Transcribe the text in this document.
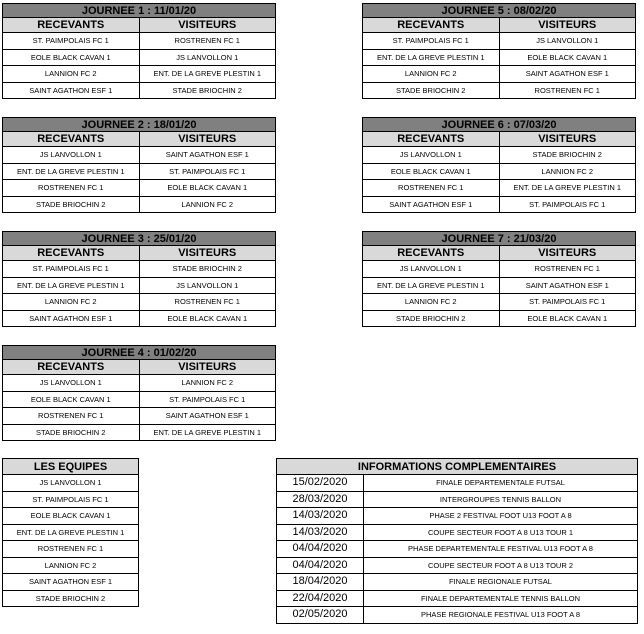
JOURNEE 1 : 11/01/20
RECEVANTS	VISITEURS
ST. PAIMPOLAIS FC 1	ROSTRENEN FC 1
EOLE BLACK CAVAN 1	JS LANVOLLON 1
LANNION FC 2	ENT. DE LA GREVE PLESTIN 1
SAINT AGATHON ESF 1	STADE BRIOCHIN 2
JOURNEE 2 : 18/01/20
RECEVANTS	VISITEURS
JS LANVOLLON 1	SAINT AGATHON ESF 1
ENT. DE LA GREVE PLESTIN 1	ST. PAIMPOLAIS FC 1
ROSTRENEN FC 1	EOLE BLACK CAVAN 1
STADE BRIOCHIN 2	LANNION FC 2
JOURNEE 3 : 25/01/20
RECEVANTS	VISITEURS
ST. PAIMPOLAIS FC 1	STADE BRIOCHIN 2
ENT. DE LA GREVE PLESTIN 1	JS LANVOLLON 1
LANNION FC 2	ROSTRENEN FC 1
SAINT AGATHON ESF 1	EOLE BLACK CAVAN 1
JOURNEE 4 : 01/02/20
RECEVANTS	VISITEURS
JS LANVOLLON 1	LANNION FC 2
EOLE BLACK CAVAN 1	ST. PAIMPOLAIS FC 1
ROSTRENEN FC 1	SAINT AGATHON ESF 1
STADE BRIOCHIN 2	ENT. DE LA GREVE PLESTIN 1
JOURNEE 5 : 08/02/20
RECEVANTS	VISITEURS
ST. PAIMPOLAIS FC 1	JS LANVOLLON 1
ENT. DE LA GREVE PLESTIN 1	EOLE BLACK CAVAN 1
LANNION FC 2	SAINT AGATHON ESF 1
STADE BRIOCHIN 2	ROSTRENEN FC 1
JOURNEE 6 : 07/03/20
RECEVANTS	VISITEURS
JS LANVOLLON 1	STADE BRIOCHIN 2
EOLE BLACK CAVAN 1	LANNION FC 2
ROSTRENEN FC 1	ENT. DE LA GREVE PLESTIN 1
SAINT AGATHON ESF 1	ST. PAIMPOLAIS FC 1
JOURNEE 7 : 21/03/20
RECEVANTS	VISITEURS
JS LANVOLLON 1	ROSTRENEN FC 1
ENT. DE LA GREVE PLESTIN 1	SAINT AGATHON ESF 1
LANNION FC 2	ST. PAIMPOLAIS FC 1
STADE BRIOCHIN 2	EOLE BLACK CAVAN 1
LES EQUIPES
JS LANVOLLON 1
ST. PAIMPOLAIS FC 1
EOLE BLACK CAVAN 1
ENT. DE LA GREVE PLESTIN 1
ROSTRENEN FC 1
LANNION FC 2
SAINT AGATHON ESF 1
STADE BRIOCHIN 2
INFORMATIONS COMPLEMENTAIRES
15/02/2020	FINALE DEPARTEMENTALE FUTSAL
28/03/2020	INTERGROUPES TENNIS BALLON
14/03/2020	PHASE 2 FESTIVAL FOOT U13 FOOT A 8
14/03/2020	COUPE SECTEUR FOOT A 8 U13 TOUR 1
04/04/2020	PHASE DEPARTEMENTALE FESTIVAL U13 FOOT A 8
04/04/2020	COUPE SECTEUR FOOT A 8 U13 TOUR 2
18/04/2020	FINALE REGIONALE FUTSAL
22/04/2020	FINALE DEPARTEMENTALE TENNIS BALLON
02/05/2020	PHASE REGIONALE FESTIVAL U13 FOOT A 8
